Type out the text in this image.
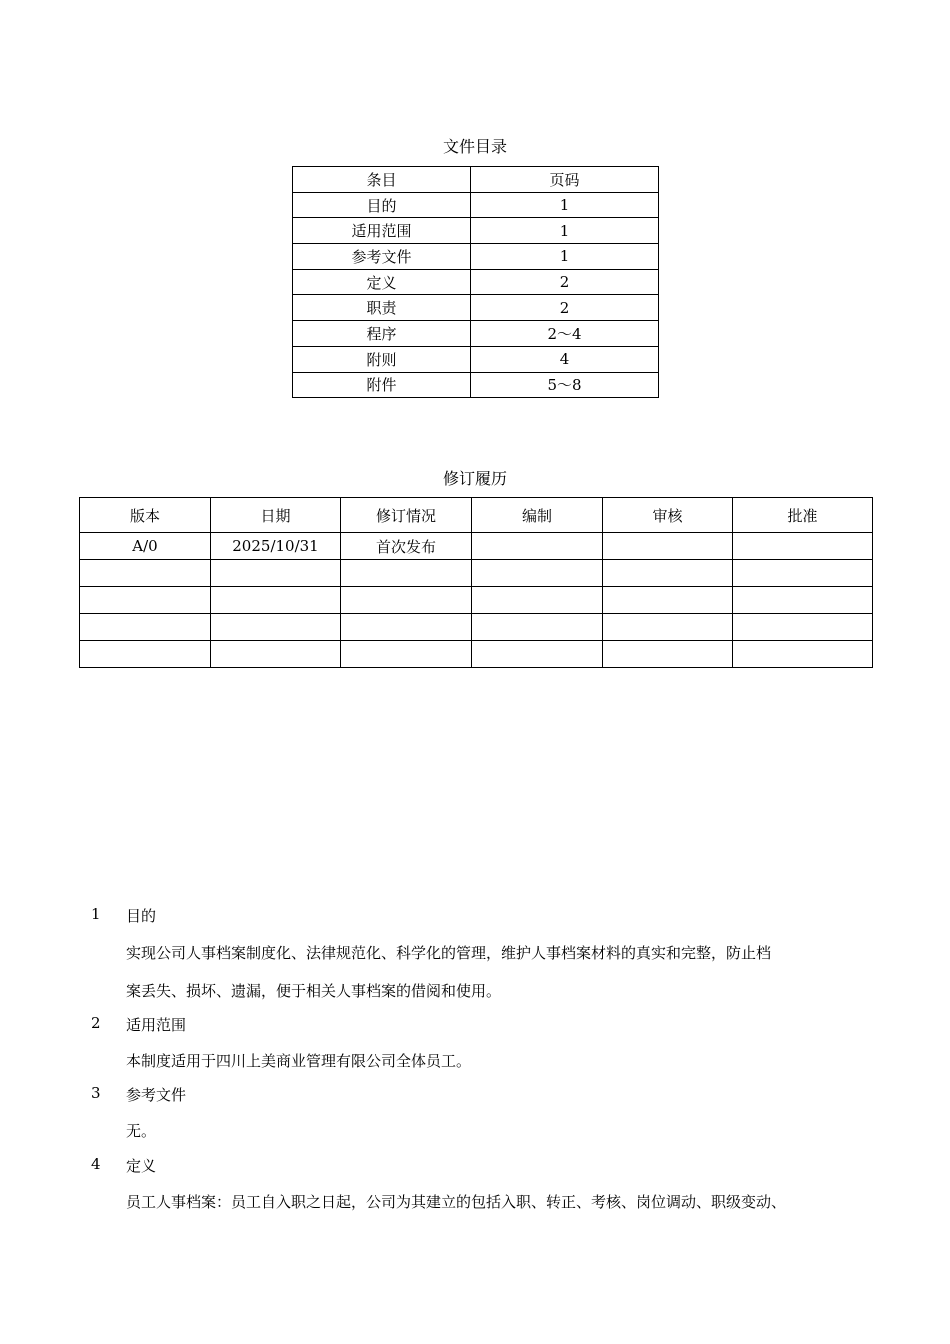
文件目录
条目	页码
目的	1
适用范围	1
参考文件	1
定义	2
职责	2
程序	2～4
附则	4
附件	5～8
修订履历
版本	日期	修订情况	编制	审核	批准
A/0	2025/10/31	首次发布			

1 目的
实现公司人事档案制度化、法律规范化、科学化的管理，维护人事档案材料的真实和完整，防止档
案丢失、损坏、遗漏，便于相关人事档案的借阅和使用。
2 适用范围
本制度适用于四川上美商业管理有限公司全体员工。
3 参考文件
无。
4 定义
员工人事档案：员工自入职之日起，公司为其建立的包括入职、转正、考核、岗位调动、职级变动、
